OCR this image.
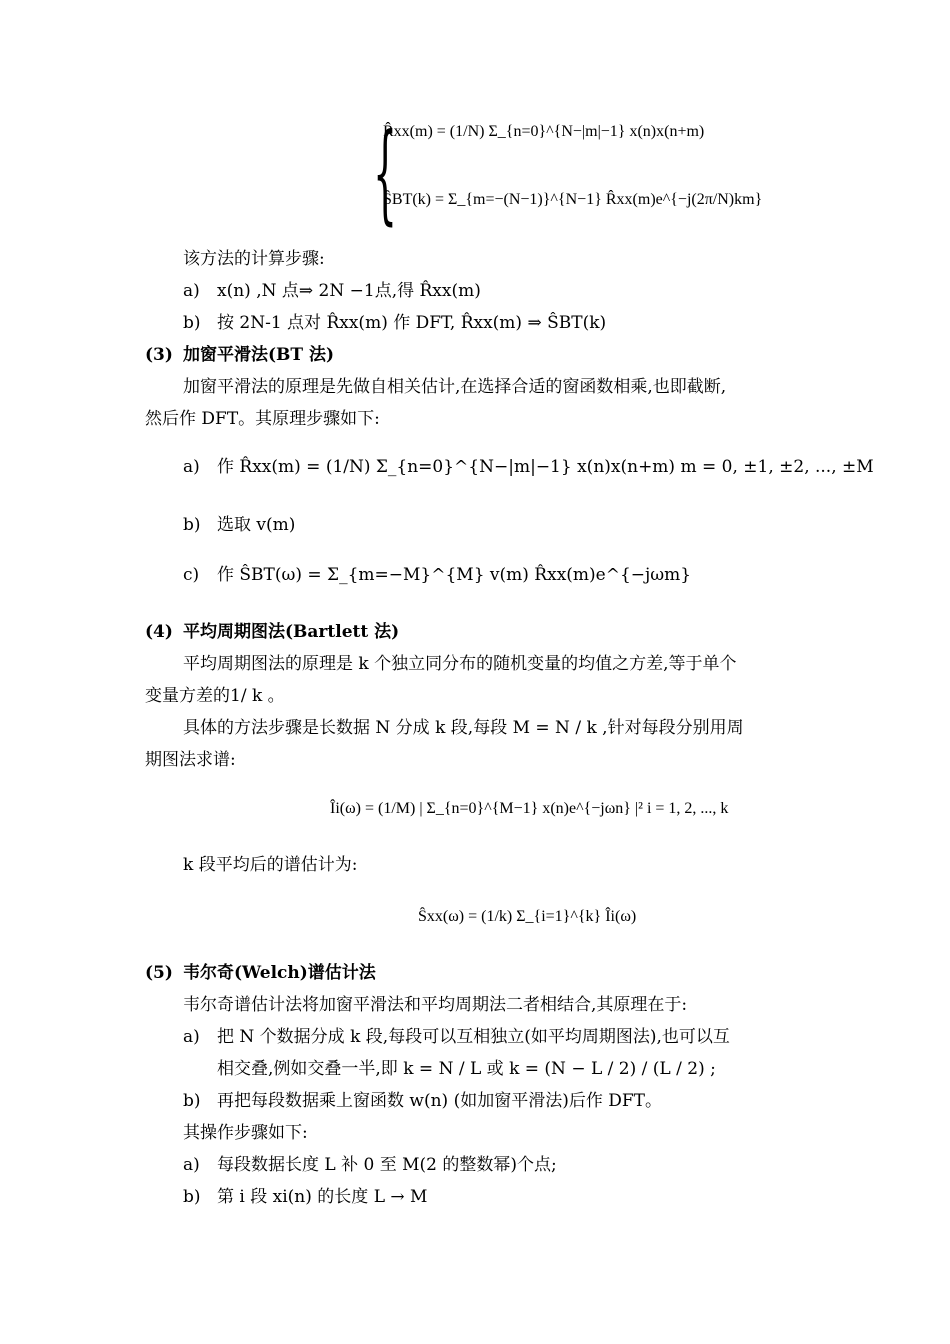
{
R̂xx(m) = (1/N) Σ_{n=0}^{N−|m|−1} x(n)x(n+m)
ŜBT(k) = Σ_{m=−(N−1)}^{N−1} R̂xx(m)e^{−j(2π/N)km}
该方法的计算步骤:
a) x(n) ,N 点⇒ 2N −1点,得 R̂xx(m)
b) 按 2N-1 点对 R̂xx(m) 作 DFT, R̂xx(m) ⇒ ŜBT(k)
(3) 加窗平滑法(BT 法)
加窗平滑法的原理是先做自相关估计,在选择合适的窗函数相乘,也即截断,
然后作 DFT。其原理步骤如下:
a) 作 R̂xx(m) = (1/N) Σ_{n=0}^{N−|m|−1} x(n)x(n+m) m = 0, ±1, ±2, ..., ±M
b) 选取 v(m)
c) 作 ŜBT(ω) = Σ_{m=−M}^{M} v(m) R̂xx(m)e^{−jωm}
(4) 平均周期图法(Bartlett 法)
平均周期图法的原理是 k 个独立同分布的随机变量的均值之方差,等于单个
变量方差的1/ k 。
具体的方法步骤是长数据 N 分成 k 段,每段 M = N / k ,针对每段分别用周
期图法求谱:
Îi(ω) = (1/M) | Σ_{n=0}^{M−1} x(n)e^{−jωn} |² i = 1, 2, ..., k
k 段平均后的谱估计为:
Ŝxx(ω) = (1/k) Σ_{i=1}^{k} Îi(ω)
(5) 韦尔奇(Welch)谱估计法
韦尔奇谱估计法将加窗平滑法和平均周期法二者相结合,其原理在于:
a) 把 N 个数据分成 k 段,每段可以互相独立(如平均周期图法),也可以互
相交叠,例如交叠一半,即 k = N / L 或 k = (N − L / 2) / (L / 2) ;
b) 再把每段数据乘上窗函数 w(n) (如加窗平滑法)后作 DFT。
其操作步骤如下:
a) 每段数据长度 L 补 0 至 M(2 的整数幂)个点;
b) 第 i 段 xi(n) 的长度 L → M
